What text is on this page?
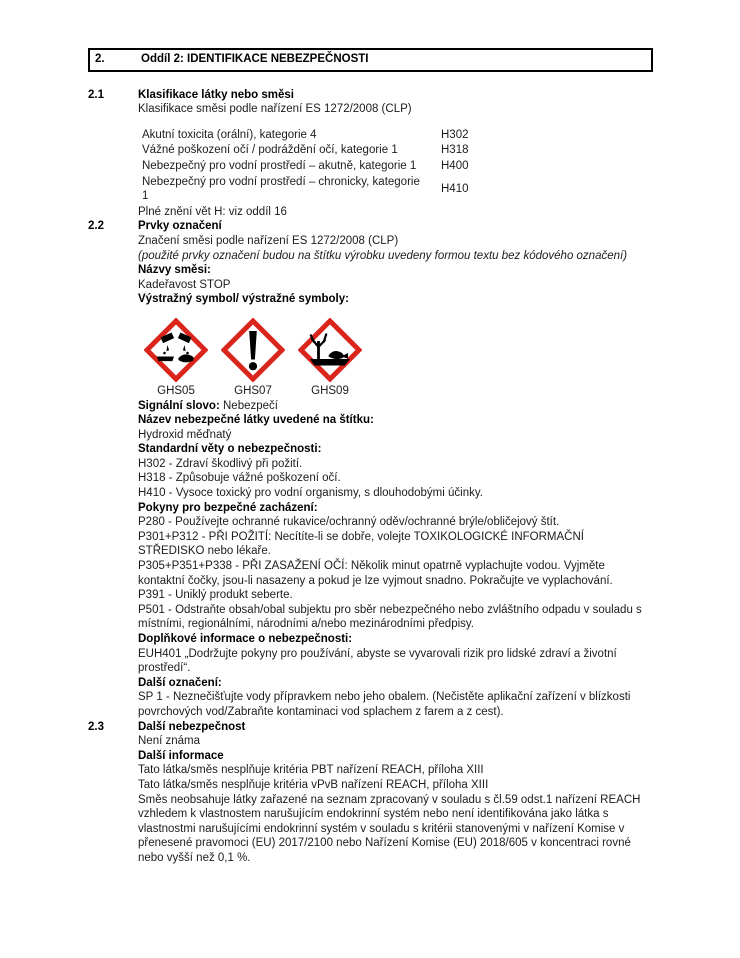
2.	Oddíl 2: IDENTIFIKACE NEBEZPEČNOSTI
2.1	Klasifikace látky nebo směsi
Klasifikace směsi podle nařízení ES 1272/2008 (CLP)
Akutní toxicita (orální), kategorie 4	H302
Vážné poškození očí / podráždění očí, kategorie 1	H318
Nebezpečný pro vodní prostředí – akutně, kategorie 1	H400
Nebezpečný pro vodní prostředí – chronicky, kategorie 1	H410
Plné znění vět H: viz oddíl 16
2.2	Prvky označení
Značení směsi podle nařízení ES 1272/2008 (CLP)
(použité prvky označení budou na štítku výrobku uvedeny formou textu bez kódového označení)
Názvy směsi:
Kadeřavost STOP
Výstražný symbol/ výstražné symboly:
GHS05	GHS07	GHS09
Signální slovo: Nebezpečí
Název nebezpečné látky uvedené na štítku:
Hydroxid měďnatý
Standardní věty o nebezpečnosti:
H302 - Zdraví škodlivý při požití.
H318 - Způsobuje vážné poškození očí.
H410 - Vysoce toxický pro vodní organismy, s dlouhodobými účinky.
Pokyny pro bezpečné zacházení:
P280 - Používejte ochranné rukavice/ochranný oděv/ochranné brýle/obličejový štít.
P301+P312 - PŘI POŽITÍ: Necítíte-li se dobře, volejte TOXIKOLOGICKÉ INFORMAČNÍ STŘEDISKO nebo lékaře.
P305+P351+P338 - PŘI ZASAŽENÍ OČÍ: Několik minut opatrně vyplachujte vodou. Vyjměte kontaktní čočky, jsou-li nasazeny a pokud je lze vyjmout snadno. Pokračujte ve vyplachování.
P391 - Uniklý produkt seberte.
P501 - Odstraňte obsah/obal subjektu pro sběr nebezpečného nebo zvláštního odpadu v souladu s místními, regionálními, národními a/nebo mezinárodními předpisy.
Doplňkové informace o nebezpečnosti:
EUH401 „Dodržujte pokyny pro používání, abyste se vyvarovali rizik pro lidské zdraví a životní prostředí“.
Další označení:
SP 1 - Neznečišťujte vody přípravkem nebo jeho obalem. (Nečistěte aplikační zařízení v blízkosti povrchových vod/Zabraňte kontaminaci vod splachem z farem a z cest).
2.3	Další nebezpečnost
Není známa
Další informace
Tato látka/směs nesplňuje kritéria PBT nařízení REACH, příloha XIII
Tato látka/směs nesplňuje kritéria vPvB nařízení REACH, příloha XIII
Směs neobsahuje látky zařazené na seznam zpracovaný v souladu s čl.59 odst.1 nařízení REACH vzhledem k vlastnostem narušujícím endokrinní systém nebo není identifikována jako látka s vlastnostmi narušujícími endokrinní systém v souladu s kritérii stanovenými v nařízení Komise v přenesené pravomoci (EU) 2017/2100 nebo Nařízení Komise (EU) 2018/605 v koncentraci rovné nebo vyšší než 0,1 %.
